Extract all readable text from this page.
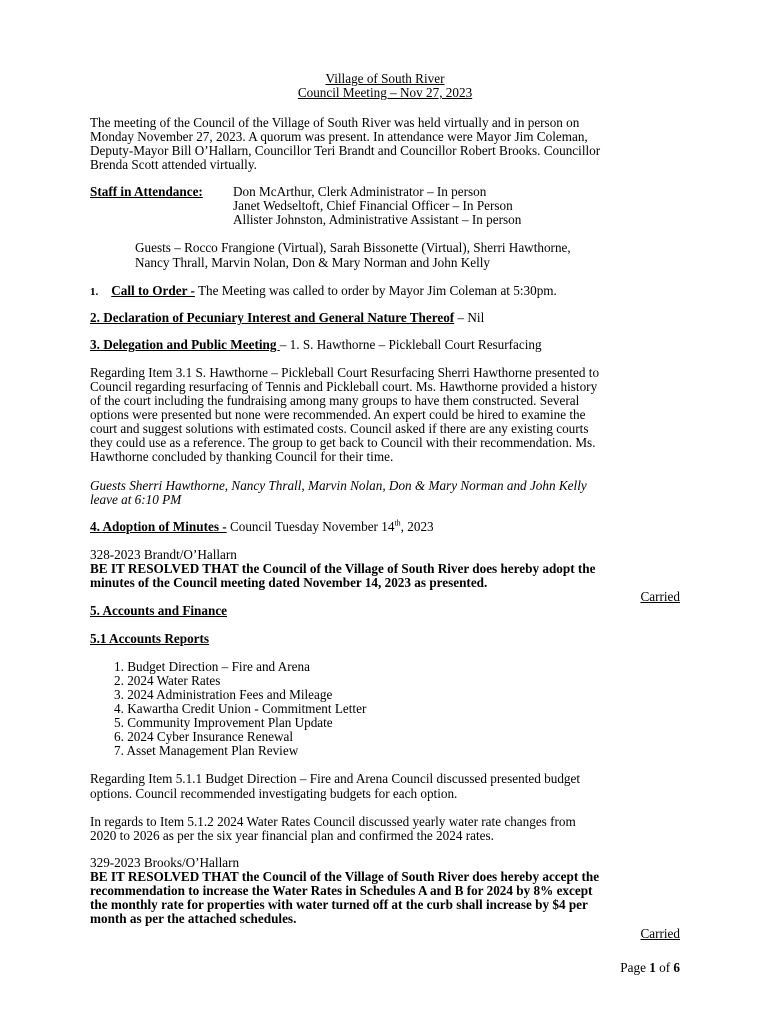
Village of South River
Council Meeting – Nov 27, 2023
The meeting of the Council of the Village of South River was held virtually and in person on
Monday November 27, 2023. A quorum was present. In attendance were Mayor Jim Coleman,
Deputy-Mayor Bill O’Hallarn, Councillor Teri Brandt and Councillor Robert Brooks. Councillor
Brenda Scott attended virtually.
Staff in Attendance: Don McArthur, Clerk Administrator – In person
Janet Wedseltoft, Chief Financial Officer – In Person
Allister Johnston, Administrative Assistant – In person
Guests – Rocco Frangione (Virtual), Sarah Bissonette (Virtual), Sherri Hawthorne,
Nancy Thrall, Marvin Nolan, Don & Mary Norman and John Kelly
1. Call to Order - The Meeting was called to order by Mayor Jim Coleman at 5:30pm.
2. Declaration of Pecuniary Interest and General Nature Thereof – Nil
3. Delegation and Public Meeting – 1. S. Hawthorne – Pickleball Court Resurfacing
Regarding Item 3.1 S. Hawthorne – Pickleball Court Resurfacing Sherri Hawthorne presented to
Council regarding resurfacing of Tennis and Pickleball court. Ms. Hawthorne provided a history
of the court including the fundraising among many groups to have them constructed. Several
options were presented but none were recommended. An expert could be hired to examine the
court and suggest solutions with estimated costs. Council asked if there are any existing courts
they could use as a reference. The group to get back to Council with their recommendation. Ms.
Hawthorne concluded by thanking Council for their time.
Guests Sherri Hawthorne, Nancy Thrall, Marvin Nolan, Don & Mary Norman and John Kelly
leave at 6:10 PM
4. Adoption of Minutes - Council Tuesday November 14th, 2023
328-2023 Brandt/O’Hallarn
BE IT RESOLVED THAT the Council of the Village of South River does hereby adopt the
minutes of the Council meeting dated November 14, 2023 as presented.
Carried
5. Accounts and Finance
5.1 Accounts Reports
1. Budget Direction – Fire and Arena
2. 2024 Water Rates
3. 2024 Administration Fees and Mileage
4. Kawartha Credit Union - Commitment Letter
5. Community Improvement Plan Update
6. 2024 Cyber Insurance Renewal
7. Asset Management Plan Review
Regarding Item 5.1.1 Budget Direction – Fire and Arena Council discussed presented budget
options. Council recommended investigating budgets for each option.
In regards to Item 5.1.2 2024 Water Rates Council discussed yearly water rate changes from
2020 to 2026 as per the six year financial plan and confirmed the 2024 rates.
329-2023 Brooks/O’Hallarn
BE IT RESOLVED THAT the Council of the Village of South River does hereby accept the
recommendation to increase the Water Rates in Schedules A and B for 2024 by 8% except
the monthly rate for properties with water turned off at the curb shall increase by $4 per
month as per the attached schedules.
Carried
Page 1 of 6
